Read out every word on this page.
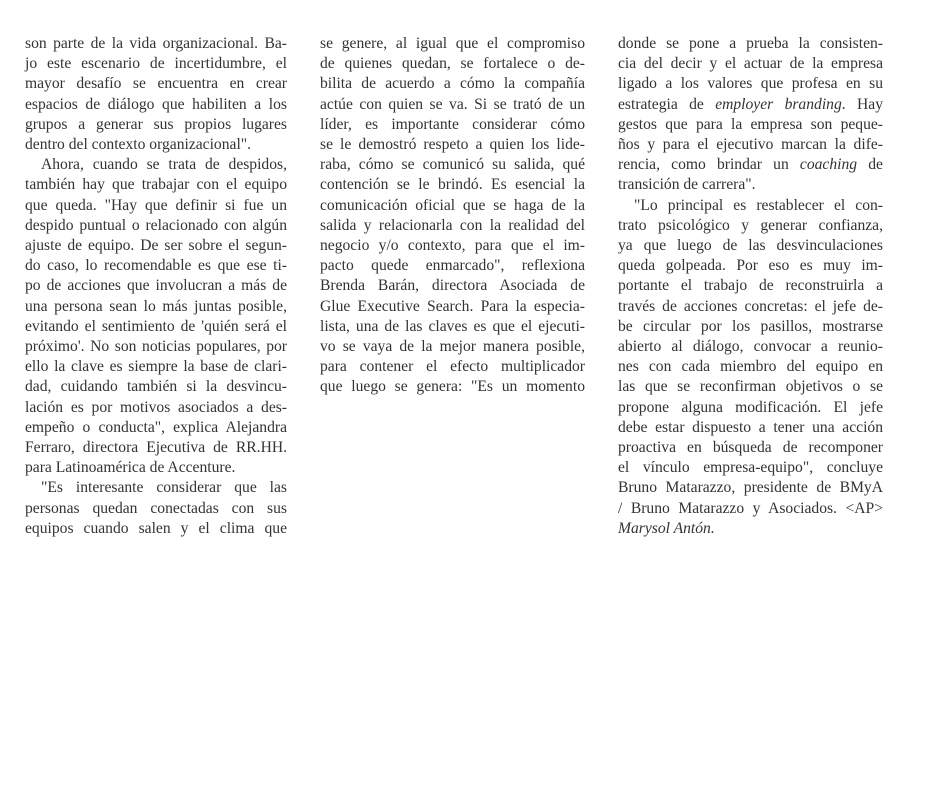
son parte de la vida organizacional. Ba-
jo este escenario de incertidumbre, el
mayor desafío se encuentra en crear
espacios de diálogo que habiliten a los
grupos a generar sus propios lugares
dentro del contexto organizacional".
Ahora, cuando se trata de despidos,
también hay que trabajar con el equipo
que queda. "Hay que definir si fue un
despido puntual o relacionado con algún
ajuste de equipo. De ser sobre el segun-
do caso, lo recomendable es que ese ti-
po de acciones que involucran a más de
una persona sean lo más juntas posible,
evitando el sentimiento de 'quién será el
próximo'. No son noticias populares, por
ello la clave es siempre la base de clari-
dad, cuidando también si la desvincu-
lación es por motivos asociados a des-
empeño o conducta", explica Alejandra
Ferraro, directora Ejecutiva de RR.HH.
para Latinoamérica de Accenture.
"Es interesante considerar que las
personas quedan conectadas con sus
equipos cuando salen y el clima que
se genere, al igual que el compromiso
de quienes quedan, se fortalece o de-
bilita de acuerdo a cómo la compañía
actúe con quien se va. Si se trató de un
líder, es importante considerar cómo
se le demostró respeto a quien los lide-
raba, cómo se comunicó su salida, qué
contención se le brindó. Es esencial la
comunicación oficial que se haga de la
salida y relacionarla con la realidad del
negocio y/o contexto, para que el im-
pacto quede enmarcado", reflexiona
Brenda Barán, directora Asociada de
Glue Executive Search. Para la especia-
lista, una de las claves es que el ejecuti-
vo se vaya de la mejor manera posible,
para contener el efecto multiplicador
que luego se genera: "Es un momento
donde se pone a prueba la consisten-
cia del decir y el actuar de la empresa
ligado a los valores que profesa en su
estrategia de employer branding. Hay
gestos que para la empresa son peque-
ños y para el ejecutivo marcan la dife-
rencia, como brindar un coaching de
transición de carrera".
"Lo principal es restablecer el con-
trato psicológico y generar confianza,
ya que luego de las desvinculaciones
queda golpeada. Por eso es muy im-
portante el trabajo de reconstruirla a
través de acciones concretas: el jefe de-
be circular por los pasillos, mostrarse
abierto al diálogo, convocar a reunio-
nes con cada miembro del equipo en
las que se reconfirman objetivos o se
propone alguna modificación. El jefe
debe estar dispuesto a tener una acción
proactiva en búsqueda de recomponer
el vínculo empresa-equipo", concluye
Bruno Matarazzo, presidente de BMyA
/ Bruno Matarazzo y Asociados. <AP>
Marysol Antón.
